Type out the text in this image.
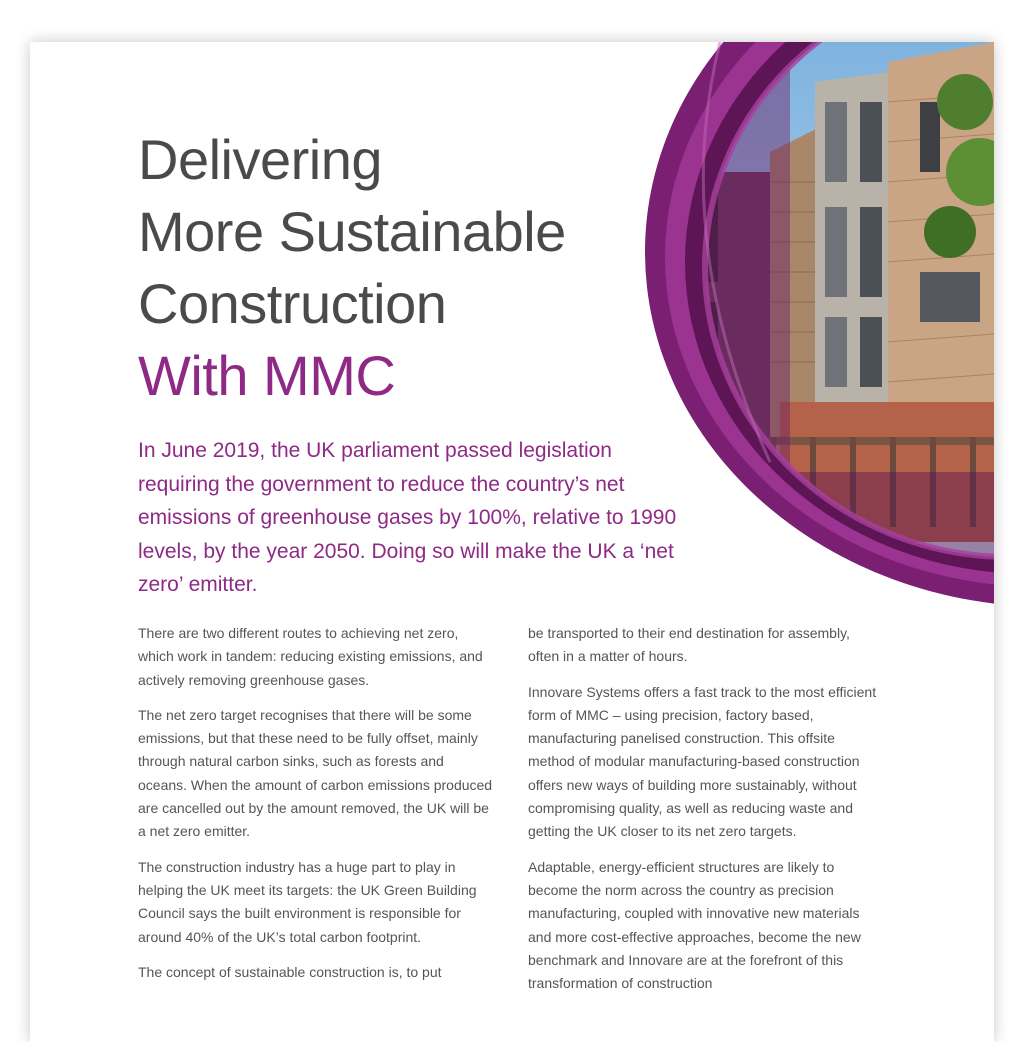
Delivering
More Sustainable
Construction
With MMC

In June 2019, the UK parliament passed legislation requiring the government to reduce the country’s net emissions of greenhouse gases by 100%, relative to 1990 levels, by the year 2050. Doing so will make the UK a ‘net zero’ emitter.

There are two different routes to achieving net zero, which work in tandem: reducing existing emissions, and actively removing greenhouse gases.

The net zero target recognises that there will be some emissions, but that these need to be fully offset, mainly through natural carbon sinks, such as forests and oceans. When the amount of carbon emissions produced are cancelled out by the amount removed, the UK will be a net zero emitter.

The construction industry has a huge part to play in helping the UK meet its targets: the UK Green Building Council says the built environment is responsible for around 40% of the UK’s total carbon footprint.

The concept of sustainable construction is, to put

be transported to their end destination for assembly, often in a matter of hours.

Innovare Systems offers a fast track to the most efficient form of MMC – using precision, factory based, manufacturing panelised construction. This offsite method of modular manufacturing-based construction offers new ways of building more sustainably, without compromising quality, as well as reducing waste and getting the UK closer to its net zero targets.

Adaptable, energy-efficient structures are likely to become the norm across the country as precision manufacturing, coupled with innovative new materials and more cost-effective approaches, become the new benchmark and Innovare are at the forefront of this transformation of construction
